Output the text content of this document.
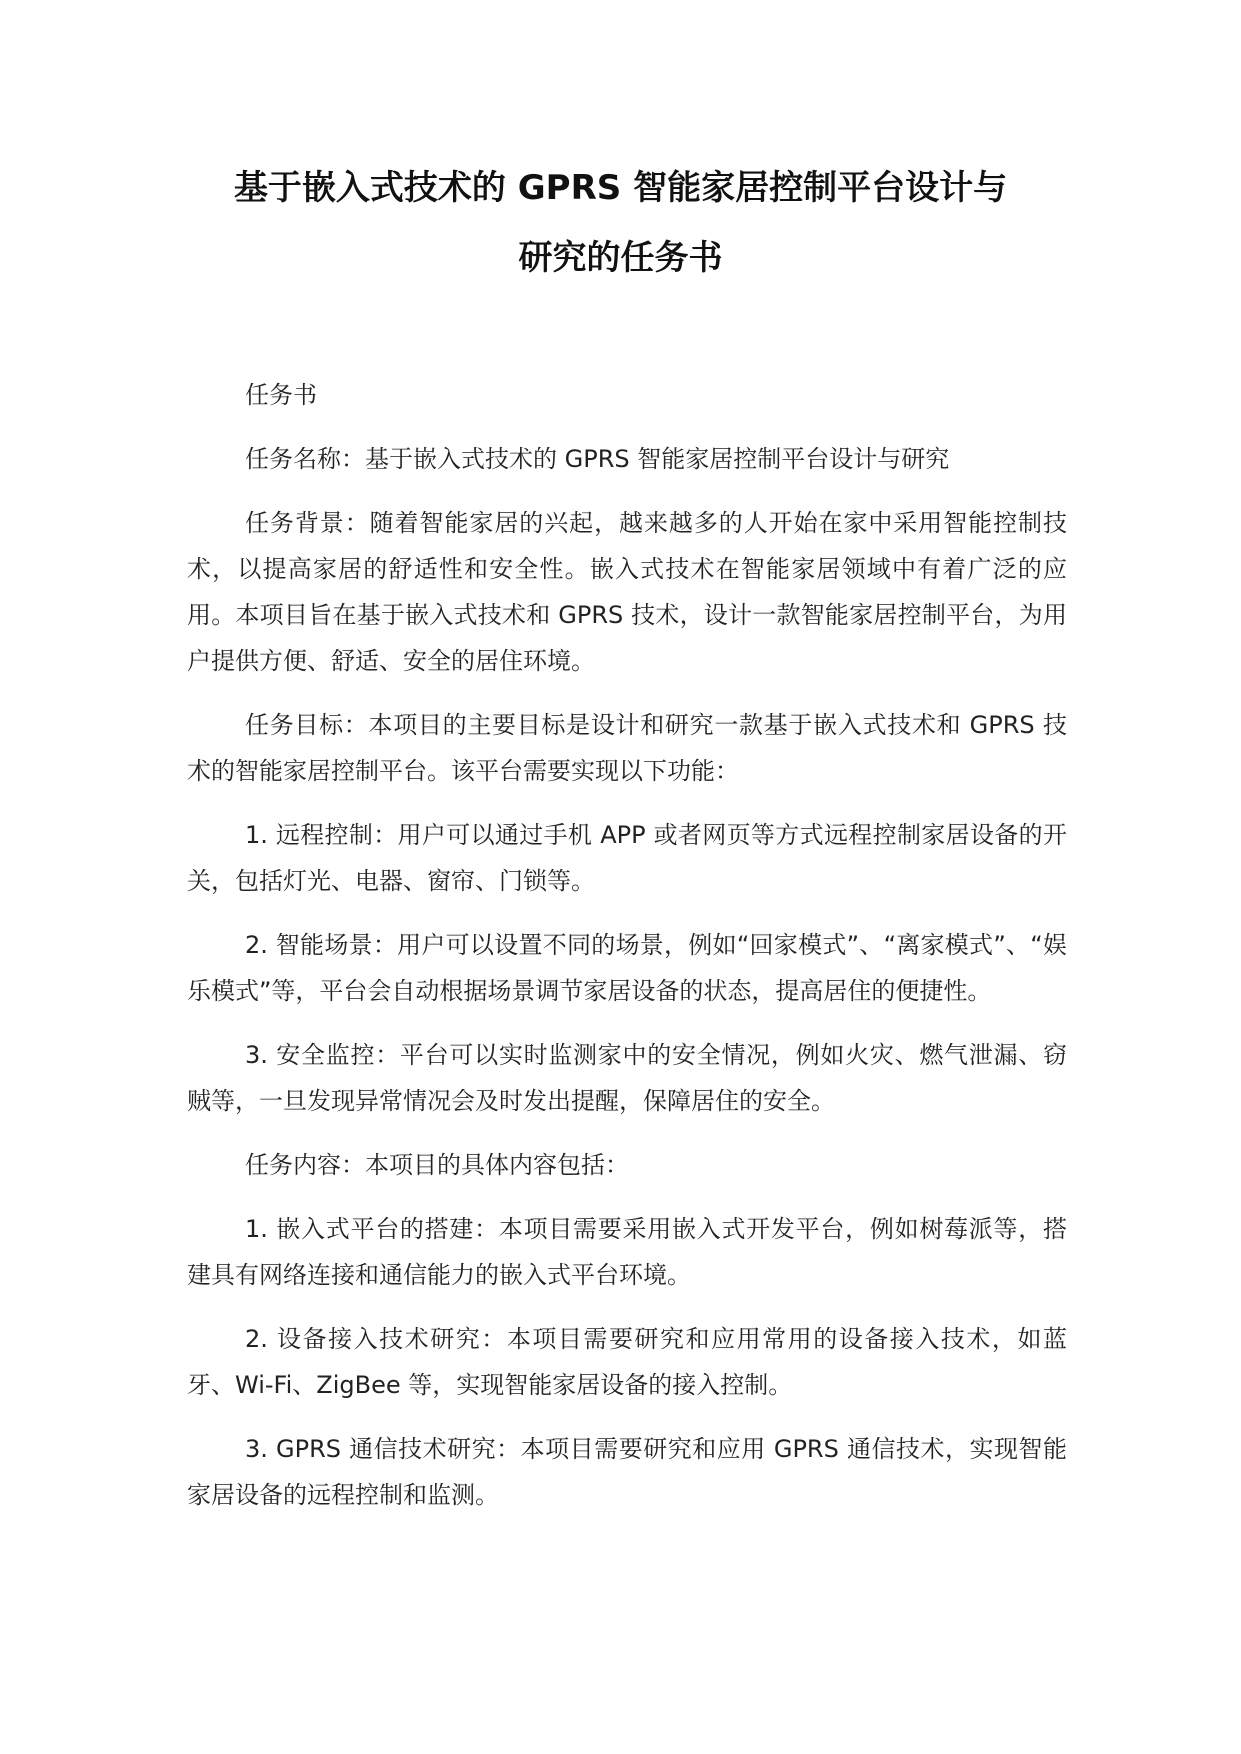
基于嵌入式技术的 GPRS 智能家居控制平台设计与
研究的任务书

任务书

任务名称：基于嵌入式技术的 GPRS 智能家居控制平台设计与研究

任务背景：随着智能家居的兴起，越来越多的人开始在家中采用智能控制技术，以提高家居的舒适性和安全性。嵌入式技术在智能家居领域中有着广泛的应用。本项目旨在基于嵌入式技术和 GPRS 技术，设计一款智能家居控制平台，为用户提供方便、舒适、安全的居住环境。

任务目标：本项目的主要目标是设计和研究一款基于嵌入式技术和 GPRS 技术的智能家居控制平台。该平台需要实现以下功能：

1. 远程控制：用户可以通过手机 APP 或者网页等方式远程控制家居设备的开关，包括灯光、电器、窗帘、门锁等。

2. 智能场景：用户可以设置不同的场景，例如“回家模式”、“离家模式”、“娱乐模式”等，平台会自动根据场景调节家居设备的状态，提高居住的便捷性。

3. 安全监控：平台可以实时监测家中的安全情况，例如火灾、燃气泄漏、窃贼等，一旦发现异常情况会及时发出提醒，保障居住的安全。

任务内容：本项目的具体内容包括：

1. 嵌入式平台的搭建：本项目需要采用嵌入式开发平台，例如树莓派等，搭建具有网络连接和通信能力的嵌入式平台环境。

2. 设备接入技术研究：本项目需要研究和应用常用的设备接入技术，如蓝牙、Wi-Fi、ZigBee 等，实现智能家居设备的接入控制。

3. GPRS 通信技术研究：本项目需要研究和应用 GPRS 通信技术，实现智能家居设备的远程控制和监测。
